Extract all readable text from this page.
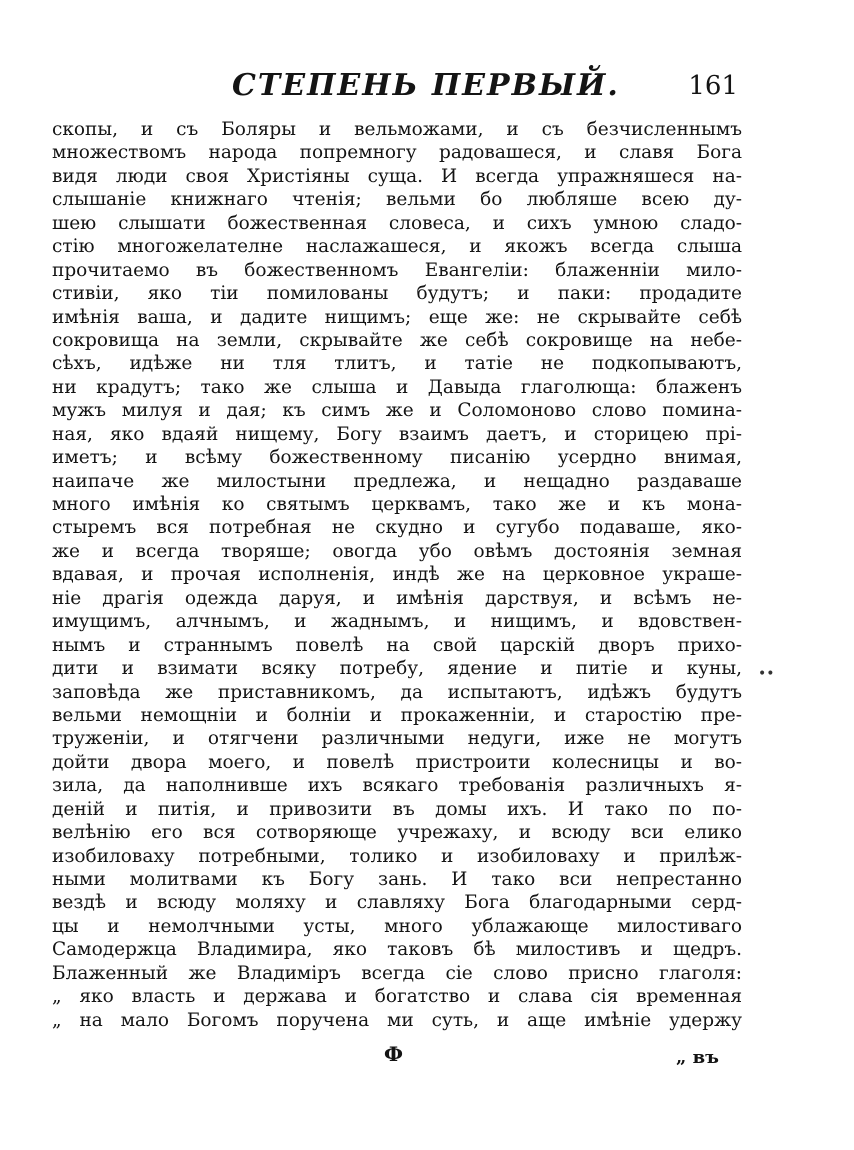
СТЕПЕНЬ ПЕРВЫЙ.	161
скопы, и съ Боляры и вельможами, и съ безчисленнымъ
множествомъ народа попремногу радовашеся, и славя Бога
видя люди своя Христіяны суща. И всегда упражняшеся на-
слышаніе книжнаго чтенія; вельми бо любляше всею ду-
шею слышати божественная словеса, и сихъ умною сладо-
стію многожелателне наслажашеся, и якожъ всегда слыша
прочитаемо въ божественномъ Евангеліи: блаженніи мило-
стивіи, яко тіи помилованы будутъ; и паки: продадите
имѣнія ваша, и дадите нищимъ; еще же: не скрывайте себѣ
сокровища на земли, скрывайте же себѣ сокровище на небе-
сѣхъ, идѣже ни тля тлитъ, и татіе не подкопываютъ,
ни крадутъ; тако же слыша и Давыда глаголюща: блаженъ
мужъ милуя и дая; къ симъ же и Соломоново слово помина-
ная, яко вдаяй нищему, Богу взаимъ даетъ, и сторицею прі-
иметъ; и всѣму божественному писанію усердно внимая,
наипаче же милостыни предлежа, и нещадно раздаваше
много имѣнія ко святымъ церквамъ, тако же и къ мона-
стыремъ вся потребная не скудно и сугубо подаваше, яко-
же и всегда творяше; овогда убо овѣмъ достоянія земная
вдавая, и прочая исполненія, индѣ же на церковное украше-
ніе драгія одежда даруя, и имѣнія дарствуя, и всѣмъ не-
имущимъ, алчнымъ, и жаднымъ, и нищимъ, и вдовствен-
нымъ и страннымъ повелѣ на свой царскій дворъ прихо-
дити и взимати всяку потребу, ядение и питіе и куны,
заповѣда же приставникомъ, да испытаютъ, идѣжъ будутъ
вельми немощніи и болніи и прокаженніи, и старостію пре-
труженіи, и отягчени различными недуги, иже не могутъ
дойти двора моего, и повелѣ пристроити колесницы и во-
зила, да наполнивше ихъ всякаго требованія различныхъ я-
деній и питія, и привозити въ домы ихъ. И тако по по-
велѣнію его вся сотворяюще учрежаху, и всюду вси елико
изобиловаху потребными, толико и изобиловаху и прилѣж-
ными молитвами къ Богу зань. И тако вси непрестанно
вездѣ и всюду моляху и славляху Бога благодарными серд-
цы и немолчными усты, много ублажающе милостиваго
Самодержца Владимира, яко таковъ бѣ милостивъ и щедръ.
Блаженный же Владиміръ всегда сіе слово присно глаголя:
„ яко власть и держава и богатство и слава сія временная
„ на мало Богомъ поручена ми суть, и аще имѣніе удержу
••
Ф	„ въ
